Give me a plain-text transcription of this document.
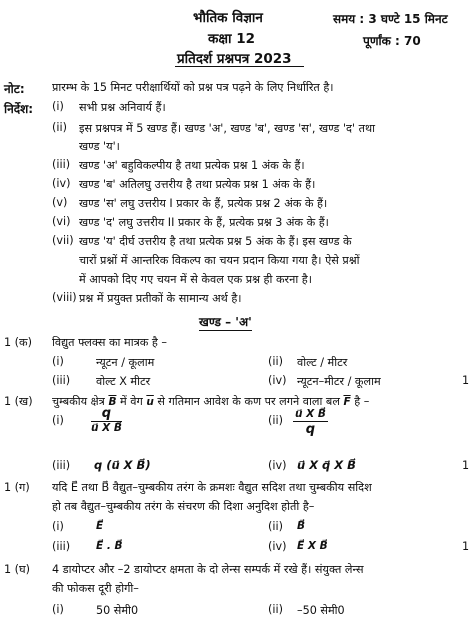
भौतिक विज्ञान
कक्षा 12
प्रतिदर्श प्रश्नपत्र 2023
समय : 3 घण्टे 15 मिनट
पूर्णांक : 70
नोट: प्रारम्भ के 15 मिनट परीक्षार्थियों को प्रश्न पत्र पढ़ने के लिए निर्धारित है।
निर्देश: (i) सभी प्रश्न अनिवार्य हैं।
(ii) इस प्रश्नपत्र में 5 खण्ड हैं। खण्ड 'अ', खण्ड 'ब', खण्ड 'स', खण्ड 'द' तथा
खण्ड 'य'।
(iii) खण्ड 'अ' बहुविकल्पीय है तथा प्रत्येक प्रश्न 1 अंक के हैं।
(iv) खण्ड 'ब' अतिलघु उत्तरीय है तथा प्रत्येक प्रश्न 1 अंक के हैं।
(v) खण्ड 'स' लघु उत्तरीय I प्रकार के हैं, प्रत्येक प्रश्न 2 अंक के हैं।
(vi) खण्ड 'द' लघु उत्तरीय II प्रकार के हैं, प्रत्येक प्रश्न 3 अंक के हैं।
(vii) खण्ड 'य' दीर्घ उत्तरीय है तथा प्रत्येक प्रश्न 5 अंक के हैं। इस खण्ड के
चारों प्रश्नों में आन्तरिक विकल्प का चयन प्रदान किया गया है। ऐसे प्रश्नों
में आपको दिए गए चयन में से केवल एक प्रश्न ही करना है।
(viii) प्रश्न में प्रयुक्त प्रतीकों के सामान्य अर्थ है।
खण्ड – 'अ'
1 (क) विद्युत फ्लक्स का मात्रक है –
(i)	न्यूटन / कूलाम	(ii) वोल्ट / मीटर
(iii) वोल्ट X मीटर	(iv) न्यूटन–मीटर / कूलाम	1
1 (ख) चुम्बकीय क्षेत्र $\overline{B}$ में वेग $\overline{u}$ से गतिमान आवेश के कण पर लगने वाला बल $\overline{F}$ है –
(i)	q
u⃗ X B⃗
(ii) u⃗ X B⃗
q
(iii) q (u⃗ X B⃗)	(iv) u⃗ X q⃗ X B⃗	1
1 (ग) यदि E⃗ तथा B⃗ वैद्युत–चुम्बकीय तरंग के क्रमशः वैद्युत सदिश तथा चुम्बकीय सदिश
हो तब वैद्युत–चुम्बकीय तरंग के संचरण की दिशा अनुदिश होती है–
(i)	E⃗	(ii) B⃗
(iii) E⃗ . B⃗	(iv) E⃗ X B⃗	1
1 (घ) 4 डायोप्टर और –2 डायोप्टर क्षमता के दो लेन्स सम्पर्क में रखे हैं। संयुक्त लेन्स
की फोकस दूरी होगी–
(i)	50 सेमी0	(ii) –50 सेमी0
